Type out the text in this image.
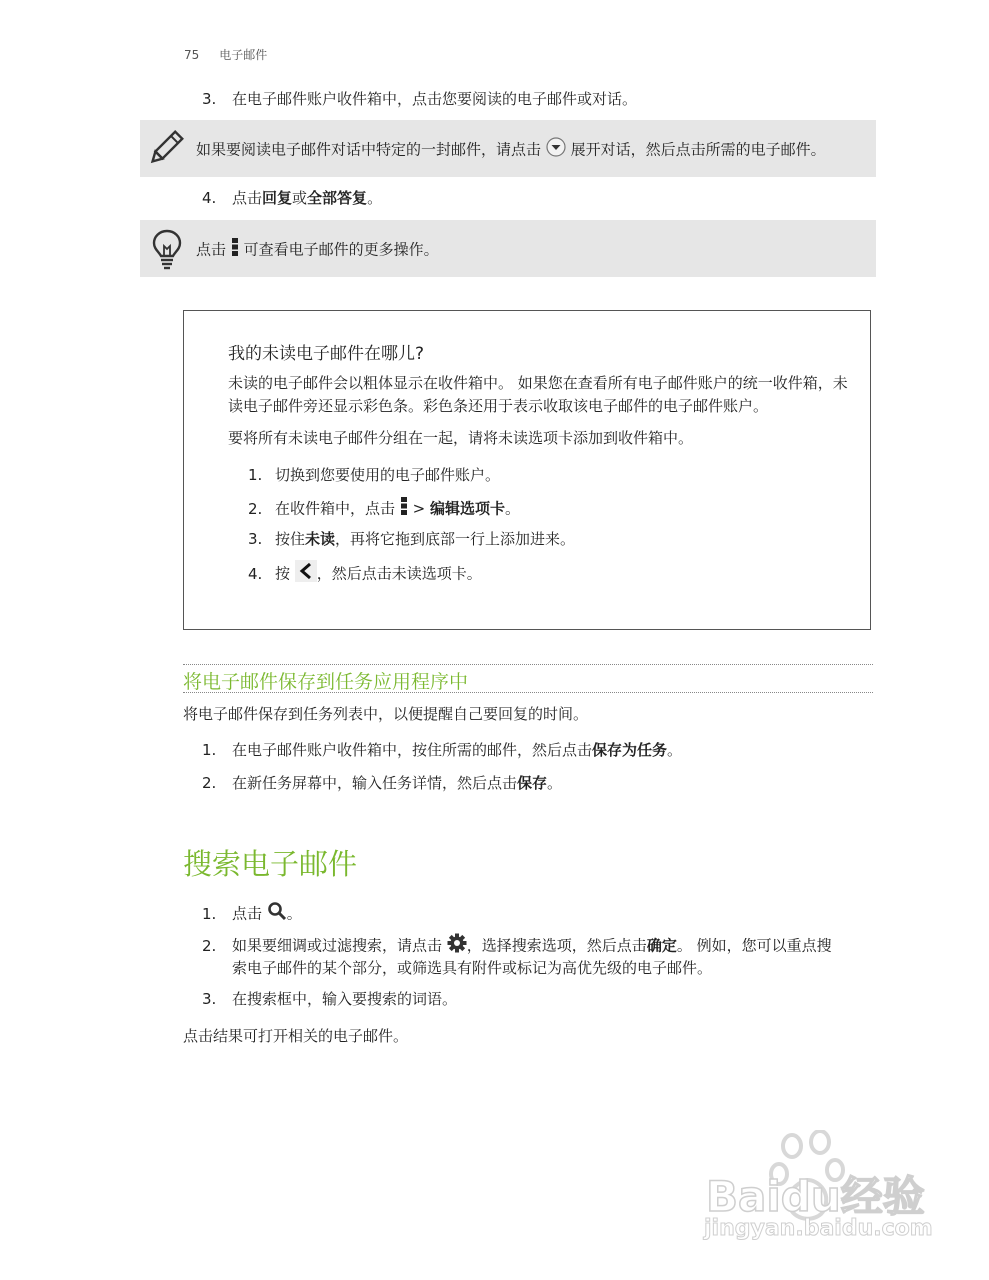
75 电子邮件
3. 在电子邮件账户收件箱中，点击您要阅读的电子邮件或对话。
如果要阅读电子邮件对话中特定的一封邮件，请点击 展开对话，然后点击所需的电子邮件。
4. 点击回复或全部答复。
点击 可查看电子邮件的更多操作。
我的未读电子邮件在哪儿?
未读的电子邮件会以粗体显示在收件箱中。 如果您在查看所有电子邮件账户的统一收件箱，未读电子邮件旁还显示彩色条。彩色条还用于表示收取该电子邮件的电子邮件账户。
要将所有未读电子邮件分组在一起，请将未读选项卡添加到收件箱中。
1. 切换到您要使用的电子邮件账户。
2. 在收件箱中，点击 > 编辑选项卡。
3. 按住未读，再将它拖到底部一行上添加进来。
4. 按 ，然后点击未读选项卡。
将电子邮件保存到任务应用程序中
将电子邮件保存到任务列表中，以便提醒自己要回复的时间。
1. 在电子邮件账户收件箱中，按住所需的邮件，然后点击保存为任务。
2. 在新任务屏幕中，输入任务详情，然后点击保存。
搜索电子邮件
1. 点击 。
2. 如果要细调或过滤搜索，请点击 ，选择搜索选项，然后点击确定。 例如，您可以重点搜
索电子邮件的某个部分，或筛选具有附件或标记为高优先级的电子邮件。
3. 在搜索框中，输入要搜索的词语。
点击结果可打开相关的电子邮件。
Baidu经验
jingyan.baidu.com
